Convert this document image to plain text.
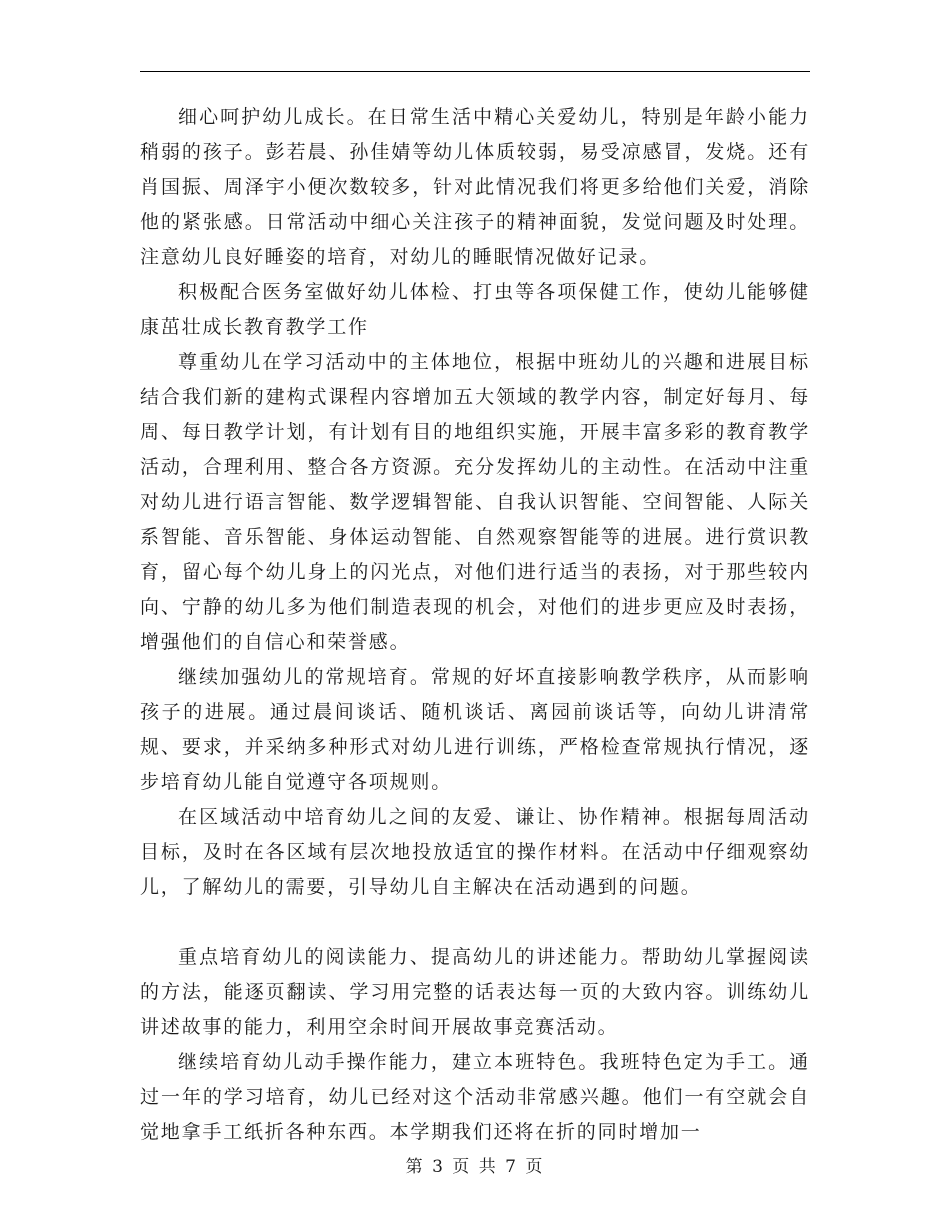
细心呵护幼儿成长。在日常生活中精心关爱幼儿，特别是年龄小能力稍弱的孩子。彭若晨、孙佳婧等幼儿体质较弱，易受凉感冒，发烧。还有肖国振、周泽宇小便次数较多，针对此情况我们将更多给他们关爱，消除他的紧张感。日常活动中细心关注孩子的精神面貌，发觉问题及时处理。注意幼儿良好睡姿的培育，对幼儿的睡眠情况做好记录。

积极配合医务室做好幼儿体检、打虫等各项保健工作，使幼儿能够健康茁壮成长教育教学工作

尊重幼儿在学习活动中的主体地位，根据中班幼儿的兴趣和进展目标结合我们新的建构式课程内容增加五大领域的教学内容，制定好每月、每周、每日教学计划，有计划有目的地组织实施，开展丰富多彩的教育教学活动，合理利用、整合各方资源。充分发挥幼儿的主动性。在活动中注重对幼儿进行语言智能、数学逻辑智能、自我认识智能、空间智能、人际关系智能、音乐智能、身体运动智能、自然观察智能等的进展。进行赏识教育，留心每个幼儿身上的闪光点，对他们进行适当的表扬，对于那些较内向、宁静的幼儿多为他们制造表现的机会，对他们的进步更应及时表扬，增强他们的自信心和荣誉感。

继续加强幼儿的常规培育。常规的好坏直接影响教学秩序，从而影响孩子的进展。通过晨间谈话、随机谈话、离园前谈话等，向幼儿讲清常规、要求，并采纳多种形式对幼儿进行训练，严格检查常规执行情况，逐步培育幼儿能自觉遵守各项规则。

在区域活动中培育幼儿之间的友爱、谦让、协作精神。根据每周活动目标，及时在各区域有层次地投放适宜的操作材料。在活动中仔细观察幼儿，了解幼儿的需要，引导幼儿自主解决在活动遇到的问题。

重点培育幼儿的阅读能力、提高幼儿的讲述能力。帮助幼儿掌握阅读的方法，能逐页翻读、学习用完整的话表达每一页的大致内容。训练幼儿讲述故事的能力，利用空余时间开展故事竞赛活动。

继续培育幼儿动手操作能力，建立本班特色。我班特色定为手工。通过一年的学习培育，幼儿已经对这个活动非常感兴趣。他们一有空就会自觉地拿手工纸折各种东西。本学期我们还将在折的同时增加一

第 3 页 共 7 页
